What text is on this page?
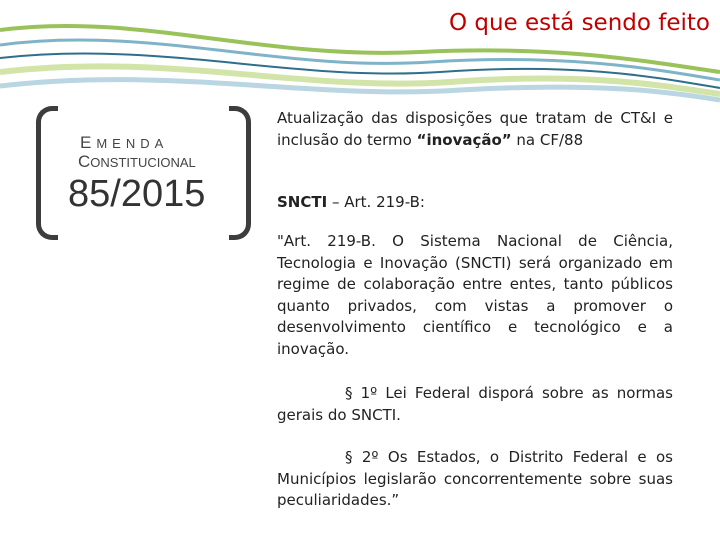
O que está sendo feito
EMENDA
CONSTITUCIONAL
85/2015

Atualização das disposições que tratam de CT&I e inclusão do termo “inovação” na CF/88

SNCTI – Art. 219-B:

"Art. 219-B. O Sistema Nacional de Ciência, Tecnologia e Inovação (SNCTI) será organizado em regime de colaboração entre entes, tanto públicos quanto privados, com vistas a promover o desenvolvimento científico e tecnológico e a inovação.

§ 1º Lei Federal disporá sobre as normas gerais do SNCTI.

§ 2º Os Estados, o Distrito Federal e os Municípios legislarão concorrentemente sobre suas peculiaridades.”
